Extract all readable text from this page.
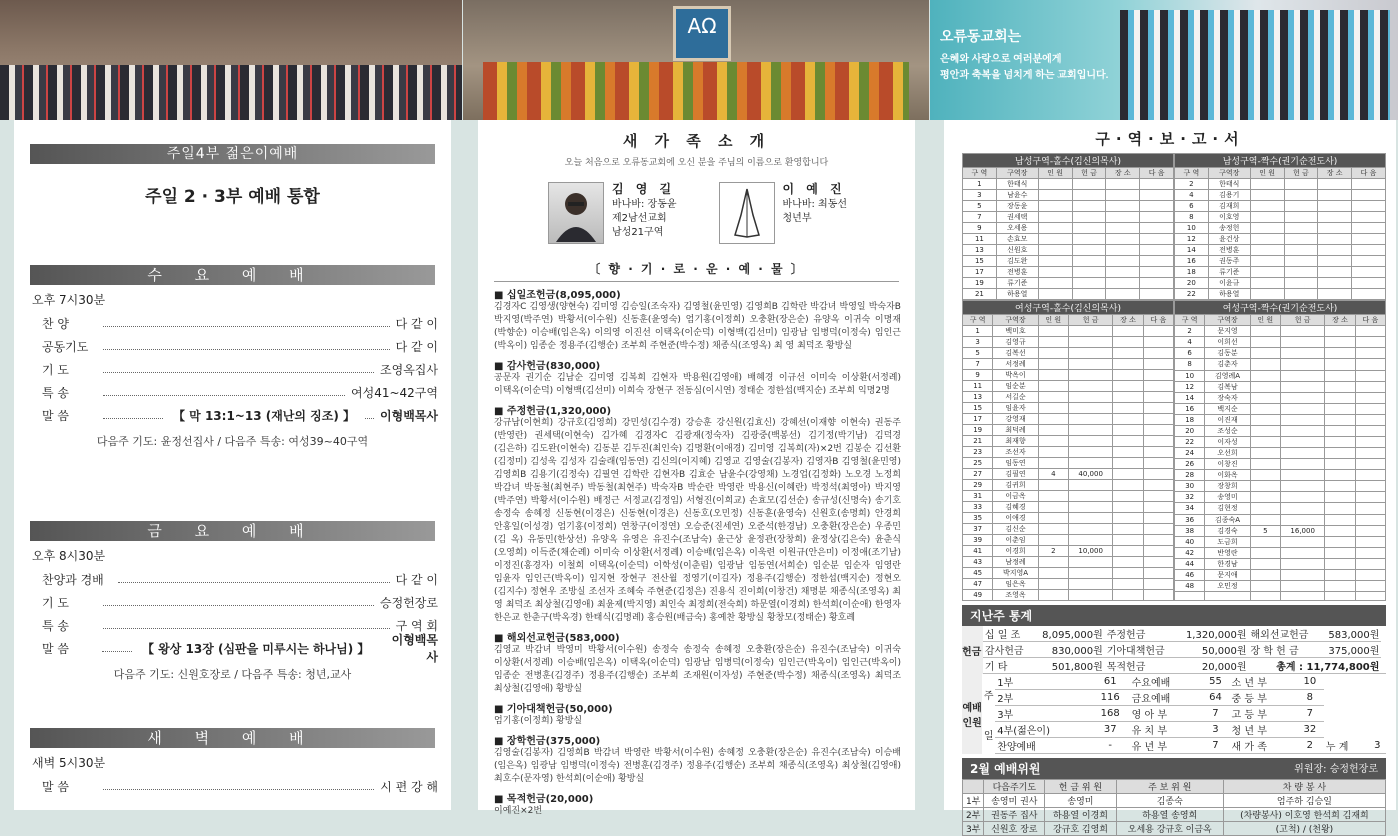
AΩ	오류동교회는
은혜와 사랑으로 여러분에게
평안과 축복을 넘치게 하는 교회입니다.
주일4부 젊은이예배
주일 2 · 3부 예배 통합
수 요 예 배
오후 7시30분
찬 양	다 같 이
공동기도	다 같 이
기 도	조영옥집사
특 송	여성41~42구역
말 씀	【 막 13:1~13 (재난의 징조) 】 이형백목사
다음주 기도: 윤정선집사 / 다음주 특송: 여성39~40구역
금 요 예 배
오후 8시30분
찬양과 경배	다 같 이
기 도	승정헌장로
특 송	구 역 회
말 씀	【 왕상 13장 (심판을 미루시는 하나님) 】
이형백목사
다음주 기도: 신원호장로 / 다음주 특송: 청년,교사
새 벽 예 배
새벽 5시30분
말 씀	시 편 강 해
새 가 족 소 개
오늘 처음으로 오류동교회에 오신 분을 주님의 이름으로 환영합니다
김 영 길
바나바: 장동윤
제2남선교회
남성21구역
이 예 진
바나바: 최동선
청년부
〔 향 · 기 · 로 · 운 · 예 · 물 〕
■ 십일조헌금(8,095,000)
김경자C 김영생(양현숙) 김미영 김승일(조숙자) 김영철(윤민영) 김영희B 김학란 박감녀 박영일 박숙자B 박지영(박주연) 박황서(이수원) 신동훈(윤영숙) 엄기홍(이정희) 오충환(장은순) 유양옥 이귀숙 이명재(박향순) 이승배(임은옥) 이의영 이진선 이택옥(이순덕) 이형백(김선미) 임광남 임병덕(이정숙) 임인근(박옥이) 임종순 정용주(김행순) 조부희 주현준(박수정) 채종식(조영옥) 최 영 최덕조 황방실
■ 감사헌금(830,000)
공문자 권기순 김남순 김미영 김복희 김현자 박용원(김영애) 배혜경 이규선 이미숙 이상환(서정례) 이택옥(이순덕) 이형백(김선미) 이희숙 장현구 전동심(이시연) 정태순 정한섭(백지순) 조부희 익명2명
■ 주정헌금(1,320,000)
강규남(이현희) 강규호(김영희) 강민성(김수경) 강승훈 강신원(김효신) 강혜선(이재향 이현숙) 권동주(반영란) 권세택(이현숙) 김가혜 김경자C 김광재(정숙자) 김광중(백봉선) 김기정(박기남) 김덕경(김은하) 김도완(이현숙) 김동분 김두진(최인숙) 김명환(이애경) 김미영 김복희(자)×2번 김봉순 김선환(김정미) 김성욱 김성자 김술래(임동연) 김신의(이지혜) 김영교 김영술(김봉자) 김영자B 김영철(윤민영) 김영희B 김용기(김정숙) 김필연 김학란 김현자B 김효순 남윤수(강영채) 노경업(김정화) 노오경 노정희 박감녀 박동철(최현주) 박동철(최현주) 박숙자B 박순란 박영란 박용신(이혜란) 박정석(최영아) 박지영(박주연) 박황서(이수원) 배정근 서정교(김정임) 서형진(이희교) 손효모(김선순) 송규성(신명숙) 송기호 송정숙 송혜정 신동현(이경은) 신동현(이경은) 신동호(오민정) 신동훈(윤영숙) 신원호(송명희) 안경희 안홍일(이성경) 엄기홍(이정희) 연창구(이정연) 오승준(진세연) 오준석(한경남) 오충환(장은순) 우종민(김 옥) 유동민(한상선) 유양옥 유영은 유진수(조남숙) 윤근상 윤정관(장창희) 윤정상(김은숙) 윤춘식(오영희) 이득준(채순례) 이미숙 이상환(서정례) 이승배(임은옥) 이욱련 이원규(안은미) 이정애(조기남) 이정진(홍경자) 이철희 이택옥(이순덕) 이학성(이춘림) 임광남 임동연(서희순) 임순분 임순자 임영란 임윤자 임인근(박옥이) 임지현 장현구 전산월 정영기(이길자) 정용주(김행순) 정한섭(백지순) 정현오(김지수) 정현우 조방실 조선자 조혜숙 주현준(김정은) 진용식 진이희(이창건) 채명분 채종식(조영옥) 최 영 최덕조 최상철(김영애) 최윤제(박지영) 최인숙 최정희(전숙희) 하문열(이경희) 한석희(이순애) 한영자 한은교 한춘구(박옥경) 한태식(김명례) 홍승원(배금숙) 홍예찬 황방실 황창모(정태순) 황호례
■ 해외선교헌금(583,000)
김영교 박감녀 박영미 박황서(이수원) 송정숙 송정숙 송혜정 오충환(장은순) 유진수(조남숙) 이귀숙 이상환(서정례) 이승배(임은옥) 이택옥(이순덕) 임광남 임병덕(이정숙) 임인근(박옥이) 임인근(박옥이) 임종순 전병훈(김경주) 정용주(김행순) 조부희 조재원(이자성) 주현준(박수정) 채종식(조영옥) 최덕조 최상철(김영애) 황방실
■ 기아대책헌금(50,000)
엄기홍(이정희) 황방실
■ 장학헌금(375,000)
김영술(김봉자) 김영희B 박감녀 박영란 박황서(이수원) 송혜정 오충환(장은순) 유진수(조남숙) 이승배(임은옥) 임광남 임병덕(이정숙) 전병훈(김경주) 정용주(김행순) 조부희 채종식(조영옥) 최상철(김영애) 최호수(문자영) 한석희(이순애) 황방실
■ 목적헌금(20,000)
이예진×2번
구·역·보·고·서
남성구역-홀수(김신의목사)					
구 역	구역장	인 원	헌 금	장 소	다 음
1	한태식				
3	남윤수				
5	장동윤				
7	권세택				
9	오세용				
11	손효모				
13	신원호				
15	김도완				
17	전병훈				
19	류기준				
21	하용열				
남성구역-짝수(권기순전도사)					
구 역	구역장	인 원	헌 금	장 소	다 음
2	한태식				
4	김용기				
6	김재희				
8	이호영				
10	송정헌				
12	윤건상				
14	전병훈				
16	권동주				
18	류기준				
20	이윤규				
22	하용열				
여성구역-홀수(김신의목사)					
구 역	구역장	인 원	헌 금	장 소	다 음
1	백미호				
3	김영규				
5	김복선				
7	서정례				
9	박옥이				
11	임순분				
13	서길순				
15	임윤자				
17	강영재				
19	최덕례				
21	최재향				
23	조선자				
25	임동연				
27	김필연	4	40,000		
29	김귀희				
31	이금옥				
33	김혜경				
35	이애경				
37	김신순				
39	이춘임				
41	이경희	2	10,000		
43	남정례				
45	박지영A				
47	임은옥				
49	조영옥				
여성구역-짝수(권기순전도사)					
구 역	구역장	인 원	헌 금	장 소	다 음
2	문지영				
4	이희선				
6	김동분				
8	김춘자				
10	김영례A				
12	김복남				
14	장숙자				
16	백지순				
18	이진재				
20	조성순				
22	이자성				
24	오선희				
26	이창진				
28	이화옥				
30	장창희				
32	송영미				
34	김현정				
36	김종숙A				
38	김경숙	5	16,000		
40	도금희				
42	반영란				
44	한경남				
46	문지애				
48	오민정				

지난주 통계
헌금
십 일 조	8,095,000원	주정헌금	1,320,000원	해외선교헌금	583,000원	
감사헌금	830,000원	기아대책헌금	50,000원	장 학 헌 금	375,000원	
기 타	501,800원	목적헌금	20,000원	총계 : 11,774,800원		
예배
인원
주
일
1부	61	수요예배	55	소 년 부	10		
2부	116	금요예배	64	중 등 부	8		
3부	168	영 아 부	7	고 등 부	7		
4부(젊은이)	37	유 치 부	3	청 년 부	32		
찬양예배	-	유 년 부	7	새 가 족	2	누 계	3
2월 예배위원	위원장: 승정헌장로
	다음주기도	헌 금 위 원	주 보 위 원	차 량 봉 사
1부	송영미 권사	송영미	김종숙	엄주하 김승일
2부	권동주 집사	하용열 이경희	하용열 송영희	(차량봉사) 이호영 한석희 김재희
3부	신원호 장로	강규호 김영희	오세용 강규호 이금옥	(고척) / (천왕)
